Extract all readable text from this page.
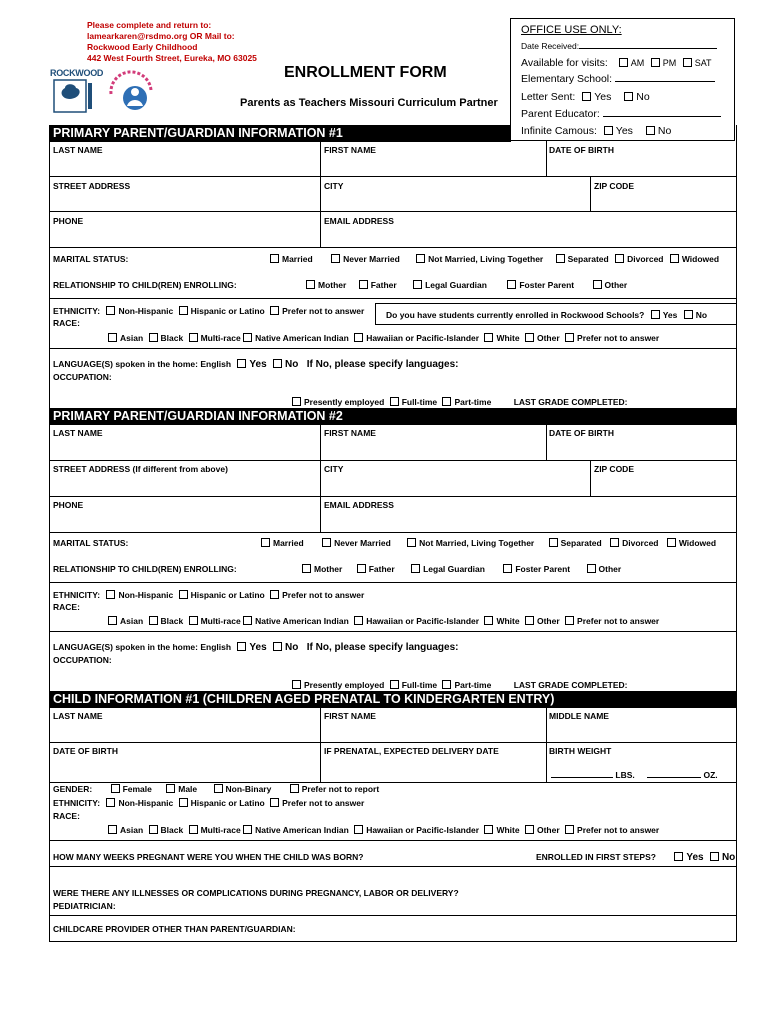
Please complete and return to:
lamearkaren@rsdmo.org OR Mail to:
Rockwood Early Childhood
442 West Fourth Street, Eureka, MO 63025
ROCKWOOD	ENROLLMENT FORM
Parents as Teachers Missouri Curriculum Partner
OFFICE USE ONLY:
Date Received:
Available for visits:	AM PM SAT
Elementary School:
Letter Sent: Yes No
Parent Educator:
Infinite Camous: Yes No
PRIMARY PARENT/GUARDIAN INFORMATION #1
LAST NAME	FIRST NAME	DATE OF BIRTH
STREET ADDRESS	CITY	ZIP CODE
PHONE	EMAIL ADDRESS
MARITAL STATUS:	Married	Never Married	Not Married, Living Together	Separated Divorced Widowed
RELATIONSHIP TO CHILD(REN) ENROLLING:	Mother	Father	Legal Guardian	Foster Parent	Other
ETHNICITY: Non-Hispanic Hispanic or Latino Prefer not to answer
RACE:
Do you have students currently enrolled in Rockwood Schools? Yes No
Asian Black Multi-race Native American Indian Hawaiian or Pacific-Islander White Other Prefer not to answer
LANGUAGE(S) spoken in the home: English Yes No If No, please specify languages:
OCCUPATION:
Presently employed Full-time Part-time	LAST GRADE COMPLETED:
PRIMARY PARENT/GUARDIAN INFORMATION #2
LAST NAME	FIRST NAME	DATE OF BIRTH
STREET ADDRESS (If different from above)	CITY	ZIP CODE
PHONE	EMAIL ADDRESS
MARITAL STATUS:	Married	Never Married	Not Married, Living Together	Separated Divorced Widowed
RELATIONSHIP TO CHILD(REN) ENROLLING:	Mother	Father	Legal Guardian	Foster Parent	Other
ETHNICITY: Non-Hispanic Hispanic or Latino Prefer not to answer
RACE:
Asian Black Multi-race Native American Indian Hawaiian or Pacific-Islander White Other Prefer not to answer
LANGUAGE(S) spoken in the home: English Yes No If No, please specify languages:
OCCUPATION:
Presently employed Full-time Part-time	LAST GRADE COMPLETED:
CHILD INFORMATION #1 (CHILDREN AGED PRENATAL TO KINDERGARTEN ENTRY)
LAST NAME	FIRST NAME	MIDDLE NAME
DATE OF BIRTH	IF PRENATAL, EXPECTED DELIVERY DATE	BIRTH WEIGHT
LBS.	OZ.
GENDER:	Female	Male	Non-Binary	Prefer not to report
ETHNICITY: Non-Hispanic Hispanic or Latino Prefer not to answer
RACE:
Asian Black Multi-race Native American Indian Hawaiian or Pacific-Islander White Other Prefer not to answer
HOW MANY WEEKS PREGNANT WERE YOU WHEN THE CHILD WAS BORN?	ENROLLED IN FIRST STEPS?	Yes No
WERE THERE ANY ILLNESSES OR COMPLICATIONS DURING PREGNANCY, LABOR OR DELIVERY?
PEDIATRICIAN:
CHILDCARE PROVIDER OTHER THAN PARENT/GUARDIAN:
